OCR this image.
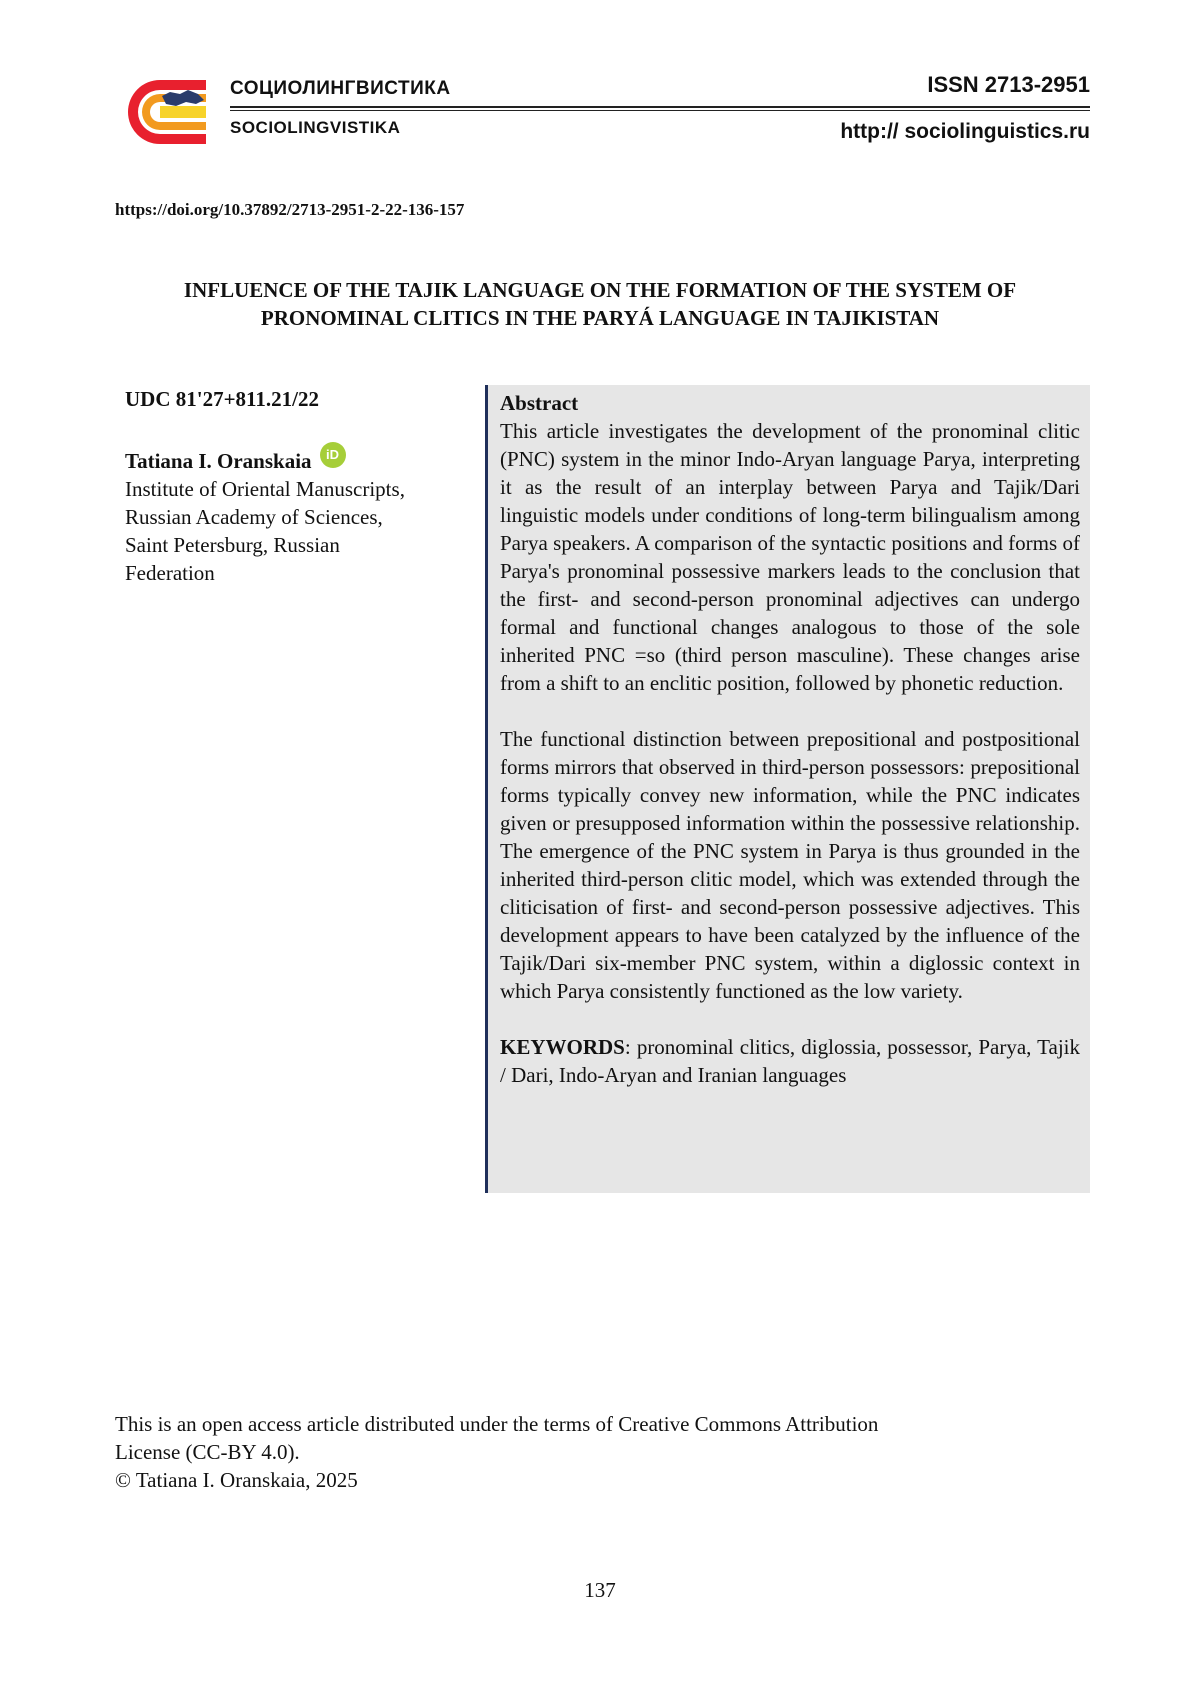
СОЦИОЛИНГВИСТИКА
SOCIOLINGVISTIKA
ISSN 2713-2951
http:// sociolinguistics.ru
https://doi.org/10.37892/2713-2951-2-22-136-157
INFLUENCE OF THE TAJIK LANGUAGE ON THE FORMATION OF THE SYSTEM OF
PRONOMINAL CLITICS IN THE PARYÁ LANGUAGE IN TAJIKISTAN
UDC 81'27+811.21/22
Tatiana I. Oranskaia	iD
Institute of Oriental Manuscripts,
Russian Academy of Sciences,
Saint Petersburg, Russian
Federation

Abstract

This article investigates the development of the pronominal clitic (PNC) system in the minor Indo-Aryan language Parya, interpreting it as the result of an interplay between Parya and Tajik/Dari linguistic models under conditions of long-term bilingualism among Parya speakers. A comparison of the syntactic positions and forms of Parya's pronominal possessive markers leads to the conclusion that the first- and second-person pronominal adjectives can undergo formal and functional changes analogous to those of the sole inherited PNC =so (third person masculine). These changes arise from a shift to an enclitic position, followed by phonetic reduction.

The functional distinction between prepositional and postpositional forms mirrors that observed in third-person possessors: prepositional forms typically convey new information, while the PNC indicates given or presupposed information within the possessive relationship. The emergence of the PNC system in Parya is thus grounded in the inherited third-person clitic model, which was extended through the cliticisation of first- and second-person possessive adjectives. This development appears to have been catalyzed by the influence of the Tajik/Dari six-member PNC system, within a diglossic context in which Parya consistently functioned as the low variety.

KEYWORDS: pronominal clitics, diglossia, possessor, Parya, Tajik / Dari, Indo-Aryan and Iranian languages

This is an open access article distributed under the terms of Creative Commons Attribution
License (CC-BY 4.0).
© Tatiana I. Oranskaia, 2025
137
